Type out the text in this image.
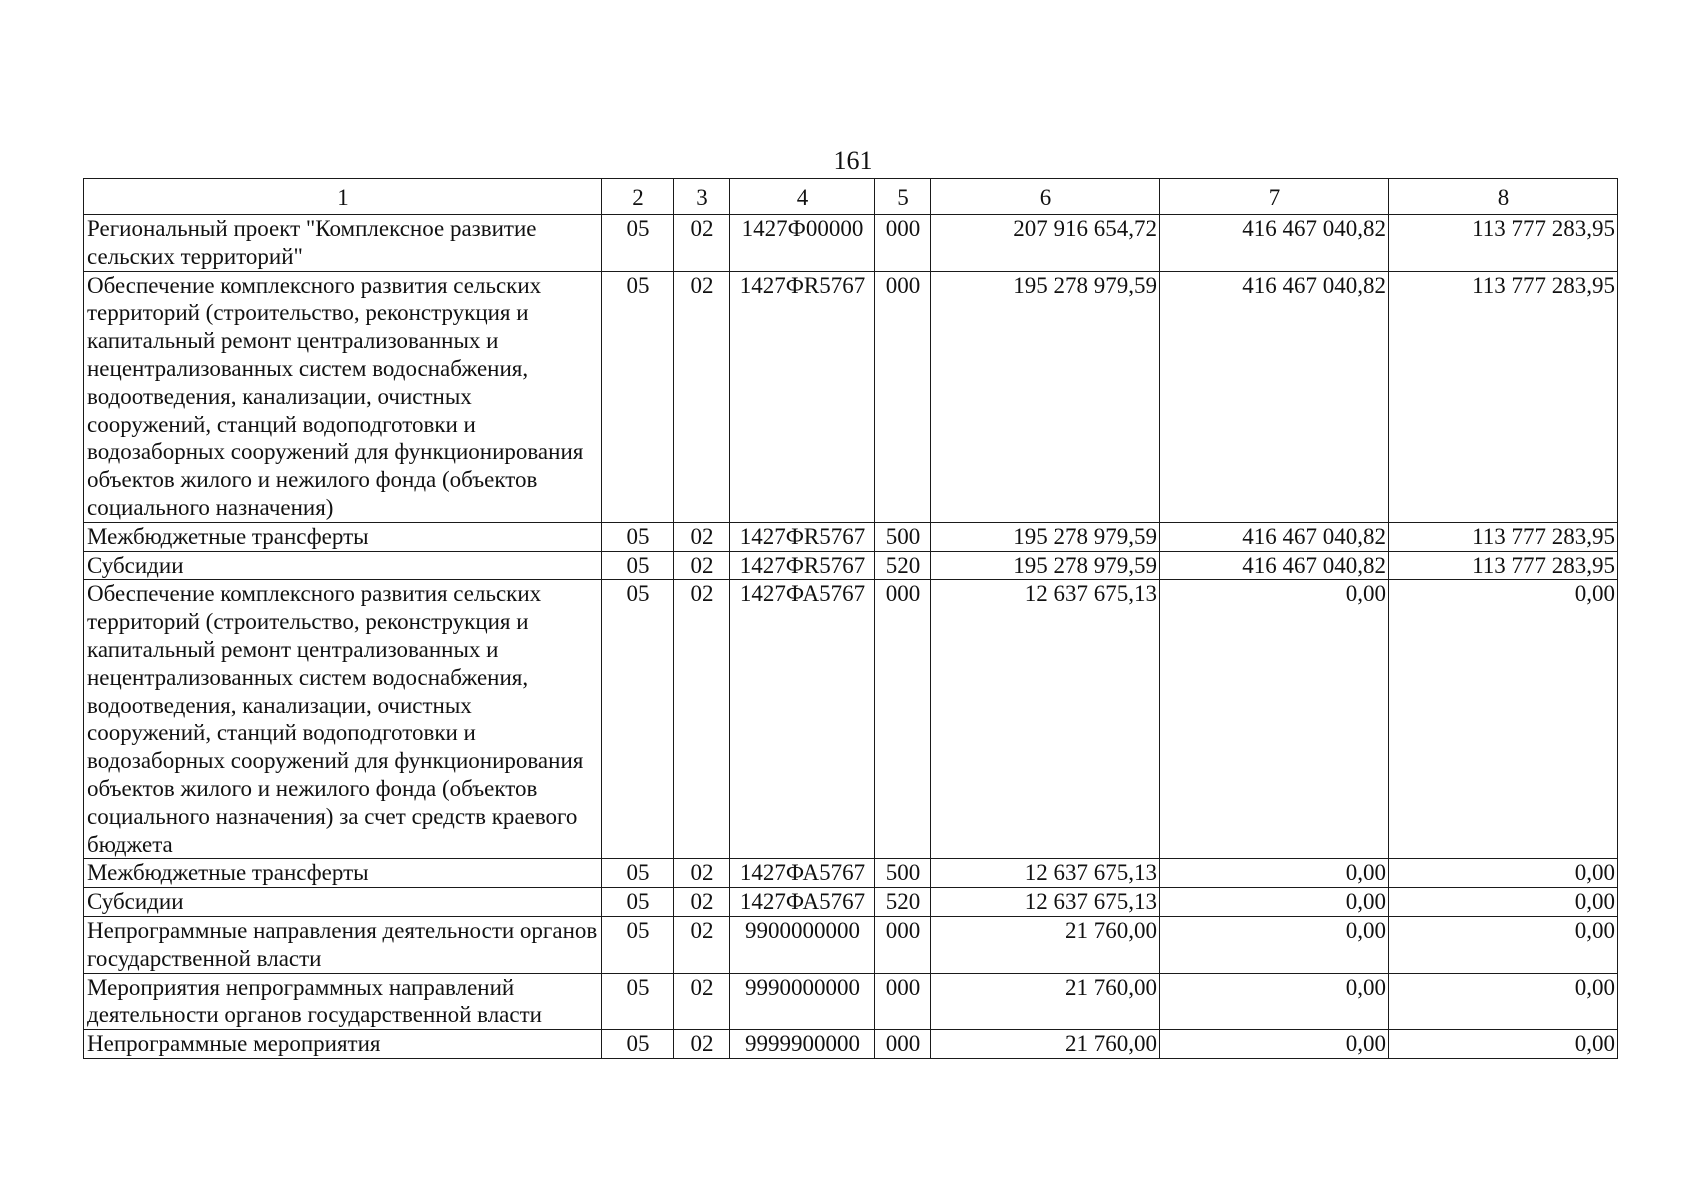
161
1	2	3	4	5	6	7	8
Региональный проект "Комплексное развитие сельских территорий"	05	02	1427Ф00000	000	207 916 654,72	416 467 040,82	113 777 283,95
Обеспечение комплексного развития сельских территорий (строительство, реконструкция и капитальный ремонт централизованных и нецентрализованных систем водоснабжения, водоотведения, канализации, очистных сооружений, станций водоподготовки и водозаборных сооружений для функционирования объектов жилого и нежилого фонда (объектов социального назначения)	05	02	1427ФR5767	000	195 278 979,59	416 467 040,82	113 777 283,95
Межбюджетные трансферты	05	02	1427ФR5767	500	195 278 979,59	416 467 040,82	113 777 283,95
Субсидии	05	02	1427ФR5767	520	195 278 979,59	416 467 040,82	113 777 283,95
Обеспечение комплексного развития сельских территорий (строительство, реконструкция и капитальный ремонт централизованных и нецентрализованных систем водоснабжения, водоотведения, канализации, очистных сооружений, станций водоподготовки и водозаборных сооружений для функционирования объектов жилого и нежилого фонда (объектов социального назначения) за счет средств краевого бюджета	05	02	1427ФА5767	000	12 637 675,13	0,00	0,00
Межбюджетные трансферты	05	02	1427ФА5767	500	12 637 675,13	0,00	0,00
Субсидии	05	02	1427ФА5767	520	12 637 675,13	0,00	0,00
Непрограммные направления деятельности органов государственной власти	05	02	9900000000	000	21 760,00	0,00	0,00
Мероприятия непрограммных направлений деятельности органов государственной власти	05	02	9990000000	000	21 760,00	0,00	0,00
Непрограммные мероприятия	05	02	9999900000	000	21 760,00	0,00	0,00
